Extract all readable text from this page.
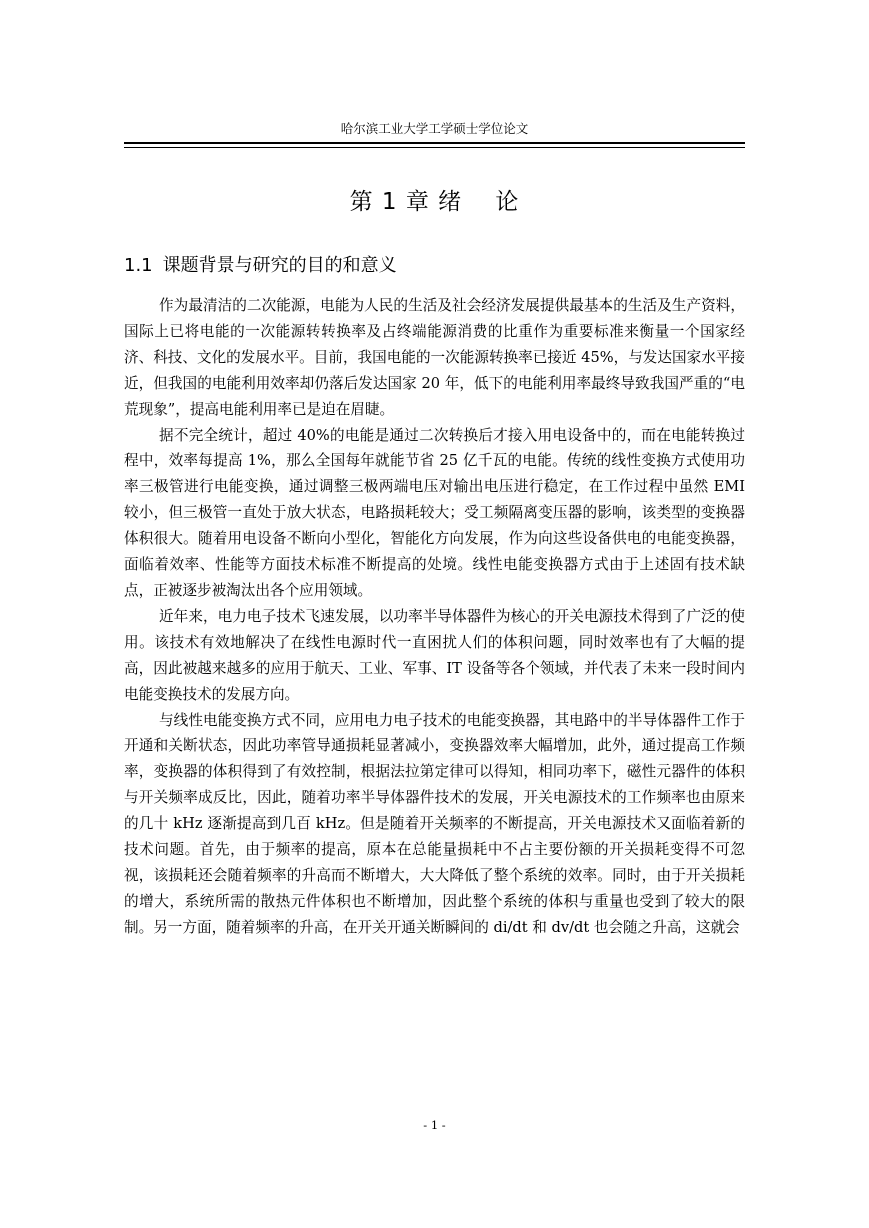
哈尔滨工业大学工学硕士学位论文
第 1 章 绪    论
1.1 课题背景与研究的目的和意义

作为最清洁的二次能源，电能为人民的生活及社会经济发展提供最基本的生活及生产资料，国际上已将电能的一次能源转转换率及占终端能源消费的比重作为重要标准来衡量一个国家经济、科技、文化的发展水平。目前，我国电能的一次能源转换率已接近 45%，与发达国家水平接近，但我国的电能利用效率却仍落后发达国家 20 年，低下的电能利用率最终导致我国严重的“电荒现象”，提高电能利用率已是迫在眉睫。

据不完全统计，超过 40%的电能是通过二次转换后才接入用电设备中的，而在电能转换过程中，效率每提高 1%，那么全国每年就能节省 25 亿千瓦的电能。传统的线性变换方式使用功率三极管进行电能变换，通过调整三极两端电压对输出电压进行稳定，在工作过程中虽然 EMI 较小，但三极管一直处于放大状态，电路损耗较大；受工频隔离变压器的影响，该类型的变换器体积很大。随着用电设备不断向小型化，智能化方向发展，作为向这些设备供电的电能变换器，面临着效率、性能等方面技术标准不断提高的处境。线性电能变换器方式由于上述固有技术缺点，正被逐步被淘汰出各个应用领域。

近年来，电力电子技术飞速发展，以功率半导体器件为核心的开关电源技术得到了广泛的使用。该技术有效地解决了在线性电源时代一直困扰人们的体积问题，同时效率也有了大幅的提高，因此被越来越多的应用于航天、工业、军事、IT 设备等各个领域，并代表了未来一段时间内电能变换技术的发展方向。

与线性电能变换方式不同，应用电力电子技术的电能变换器，其电路中的半导体器件工作于开通和关断状态，因此功率管导通损耗显著减小，变换器效率大幅增加，此外，通过提高工作频率，变换器的体积得到了有效控制，根据法拉第定律可以得知，相同功率下，磁性元器件的体积与开关频率成反比，因此，随着功率半导体器件技术的发展，开关电源技术的工作频率也由原来的几十 kHz 逐渐提高到几百 kHz。但是随着开关频率的不断提高，开关电源技术又面临着新的技术问题。首先，由于频率的提高，原本在总能量损耗中不占主要份额的开关损耗变得不可忽视，该损耗还会随着频率的升高而不断增大，大大降低了整个系统的效率。同时，由于开关损耗的增大，系统所需的散热元件体积也不断增加，因此整个系统的体积与重量也受到了较大的限制。另一方面，随着频率的升高，在开关开通关断瞬间的 di/dt 和 dv/dt 也会随之升高，这就会

- 1 -
